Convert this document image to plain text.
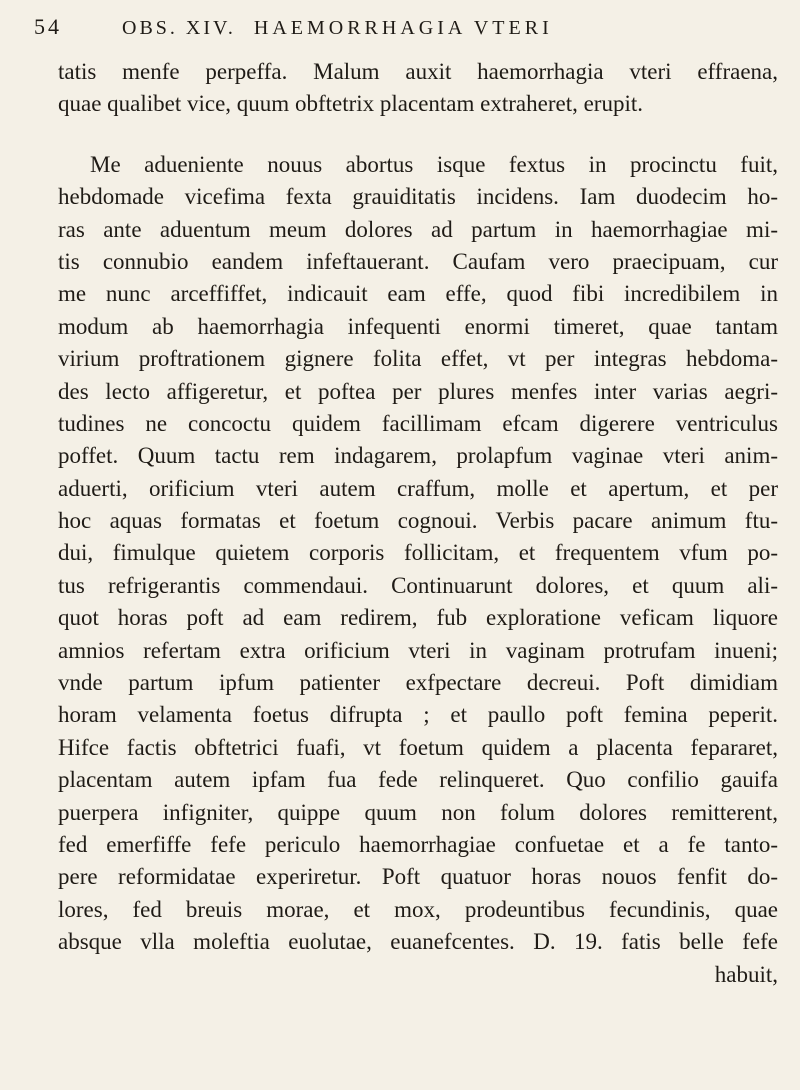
54	OBS. XIV. HAEMORRHAGIA VTERI
tatis menfe perpeffa. Malum auxit haemorrhagia vteri effraena,
quae qualibet vice, quum obftetrix placentam extraheret, erupit.
Me adueniente nouus abortus isque fextus in procinctu fuit,
hebdomade vicefima fexta grauiditatis incidens. Iam duodecim ho-
ras ante aduentum meum dolores ad partum in haemorrhagiae mi-
tis connubio eandem infeftauerant. Caufam vero praecipuam, cur
me nunc arceffiffet, indicauit eam effe, quod fibi incredibilem in
modum ab haemorrhagia infequenti enormi timeret, quae tantam
virium proftrationem gignere folita effet, vt per integras hebdoma-
des lecto affigeretur, et poftea per plures menfes inter varias aegri-
tudines ne concoctu quidem facillimam efcam digerere ventriculus
poffet. Quum tactu rem indagarem, prolapfum vaginae vteri anim-
aduerti, orificium vteri autem craffum, molle et apertum, et per
hoc aquas formatas et foetum cognoui. Verbis pacare animum ftu-
dui, fimulque quietem corporis follicitam, et frequentem vfum po-
tus refrigerantis commendaui. Continuarunt dolores, et quum ali-
quot horas poft ad eam redirem, fub exploratione veficam liquore
amnios refertam extra orificium vteri in vaginam protrufam inueni;
vnde partum ipfum patienter exfpectare decreui. Poft dimidiam
horam velamenta foetus difrupta ; et paullo poft femina peperit.
Hifce factis obftetrici fuafi, vt foetum quidem a placenta fepararet,
placentam autem ipfam fua fede relinqueret. Quo confilio gauifa
puerpera infigniter, quippe quum non folum dolores remitterent,
fed emerfiffe fefe periculo haemorrhagiae confuetae et a fe tanto-
pere reformidatae experiretur. Poft quatuor horas nouos fenfit do-
lores, fed breuis morae, et mox, prodeuntibus fecundinis, quae
absque vlla moleftia euolutae, euanefcentes. D. 19. fatis belle fefe
habuit,
